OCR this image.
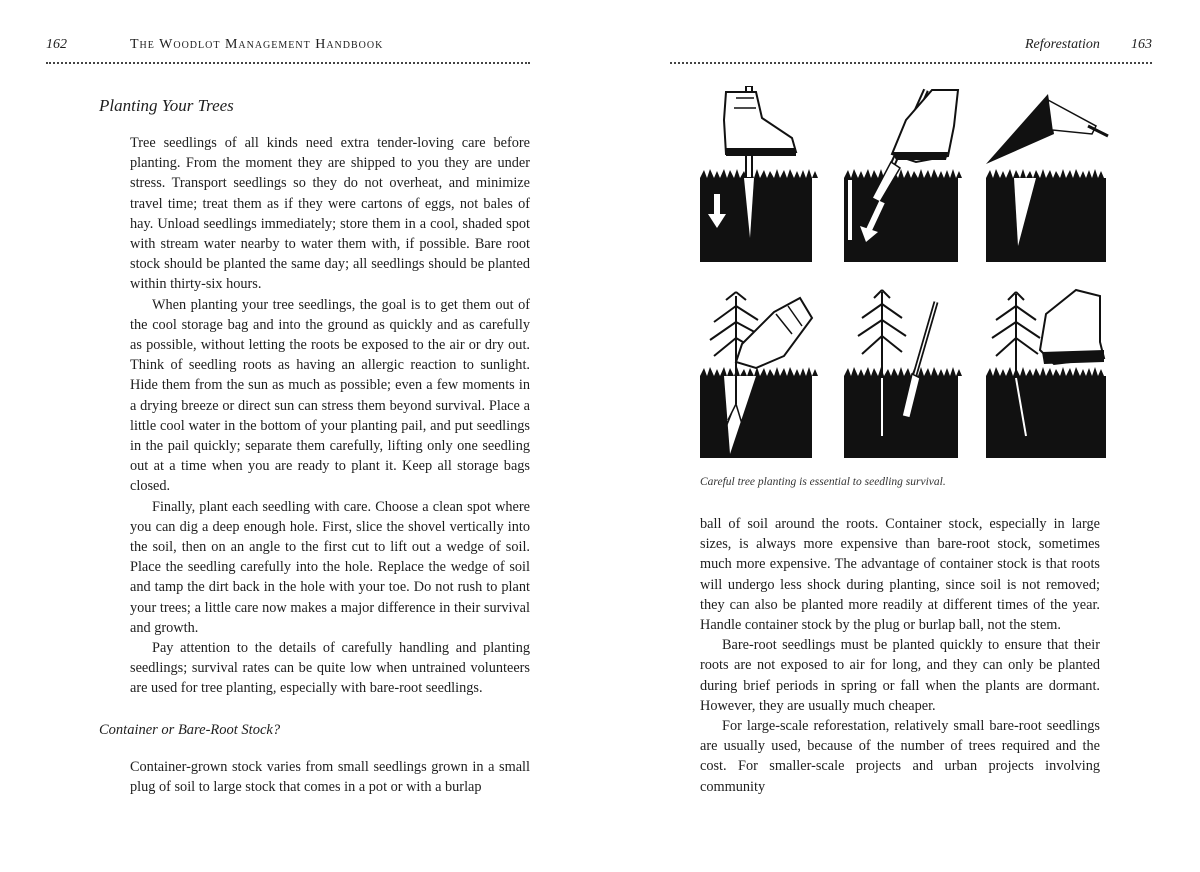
162	The Woodlot Management Handbook
Planting Your Trees

Tree seedlings of all kinds need extra tender-loving care before planting. From the moment they are shipped to you they are under stress. Transport seedlings so they do not overheat, and minimize travel time; treat them as if they were cartons of eggs, not bales of hay. Unload seedlings immediately; store them in a cool, shaded spot with stream water nearby to water them with, if possible. Bare root stock should be planted the same day; all seedlings should be planted within thirty-six hours.

When planting your tree seedlings, the goal is to get them out of the cool storage bag and into the ground as quickly and as carefully as possible, without letting the roots be exposed to the air or dry out. Think of seedling roots as having an allergic reaction to sunlight. Hide them from the sun as much as possible; even a few moments in a drying breeze or direct sun can stress them beyond survival. Place a little cool water in the bottom of your planting pail, and put seedlings in the pail quickly; separate them carefully, lifting only one seedling out at a time when you are ready to plant it. Keep all storage bags closed.

Finally, plant each seedling with care. Choose a clean spot where you can dig a deep enough hole. First, slice the shovel vertically into the soil, then on an angle to the first cut to lift out a wedge of soil. Place the seedling carefully into the hole. Replace the wedge of soil and tamp the dirt back in the hole with your toe. Do not rush to plant your trees; a little care now makes a major difference in their survival and growth.

Pay attention to the details of carefully handling and planting seedlings; survival rates can be quite low when untrained volunteers are used for tree planting, especially with bare-root seedlings.

Container or Bare-Root Stock?

Container-grown stock varies from small seedlings grown in a small plug of soil to large stock that comes in a pot or with a burlap

Reforestation 163
Careful tree planting is essential to seedling survival.

ball of soil around the roots. Container stock, especially in large sizes, is always more expensive than bare-root stock, sometimes much more expensive. The advantage of container stock is that roots will undergo less shock during planting, since soil is not removed; they can also be planted more readily at different times of the year. Handle container stock by the plug or burlap ball, not the stem.

Bare-root seedlings must be planted quickly to ensure that their roots are not exposed to air for long, and they can only be planted during brief periods in spring or fall when the plants are dormant. However, they are usually much cheaper.

For large-scale reforestation, relatively small bare-root seedlings are usually used, because of the number of trees required and the cost. For smaller-scale projects and urban projects involving community
